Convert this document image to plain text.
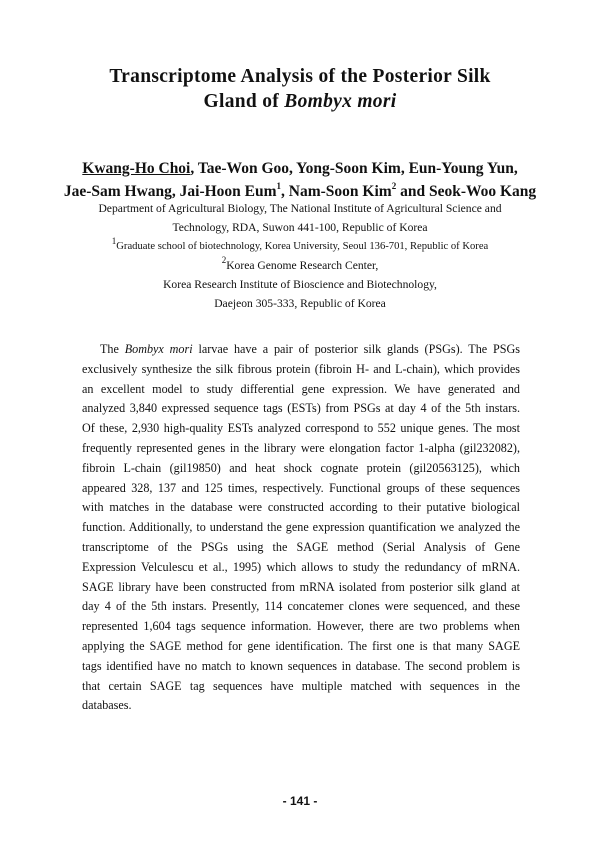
Transcriptome Analysis of the Posterior Silk
Gland of Bombyx mori
Kwang-Ho Choi, Tae-Won Goo, Yong-Soon Kim, Eun-Young Yun,
Jae-Sam Hwang, Jai-Hoon Eum$^1$, Nam-Soon Kim$^2$ and Seok-Woo Kang
Department of Agricultural Biology, The National Institute of Agricultural Science and
Technology, RDA, Suwon 441-100, Republic of Korea
$^1$Graduate school of biotechnology, Korea University, Seoul 136-701, Republic of Korea
$^2$Korea Genome Research Center,
Korea Research Institute of Bioscience and Biotechnology,
Daejeon 305-333, Republic of Korea
The Bombyx mori larvae have a pair of posterior silk glands (PSGs). The PSGs
exclusively synthesize the silk fibrous protein (fibroin H- and L-chain), which provides
an excellent model to study differential gene expression. We have generated and
analyzed 3,840 expressed sequence tags (ESTs) from PSGs at day 4 of the 5th instars.
Of these, 2,930 high-quality ESTs analyzed correspond to 552 unique genes. The most
frequently represented genes in the library were elongation factor 1-alpha (gil232082),
fibroin L-chain (gil19850) and heat shock cognate protein (gil20563125), which
appeared 328, 137 and 125 times, respectively. Functional groups of these sequences
with matches in the database were constructed according to their putative biological
function. Additionally, to understand the gene expression quantification we analyzed the
transcriptome of the PSGs using the SAGE method (Serial Analysis of Gene
Expression Velculescu et al., 1995) which allows to study the redundancy of mRNA.
SAGE library have been constructed from mRNA isolated from posterior silk gland at
day 4 of the 5th instars. Presently, 114 concatemer clones were sequenced, and these
represented 1,604 tags sequence information. However, there are two problems when
applying the SAGE method for gene identification. The first one is that many SAGE
tags identified have no match to known sequences in database. The second problem is
that certain SAGE tag sequences have multiple matched with sequences in the
databases.
- 141 -
